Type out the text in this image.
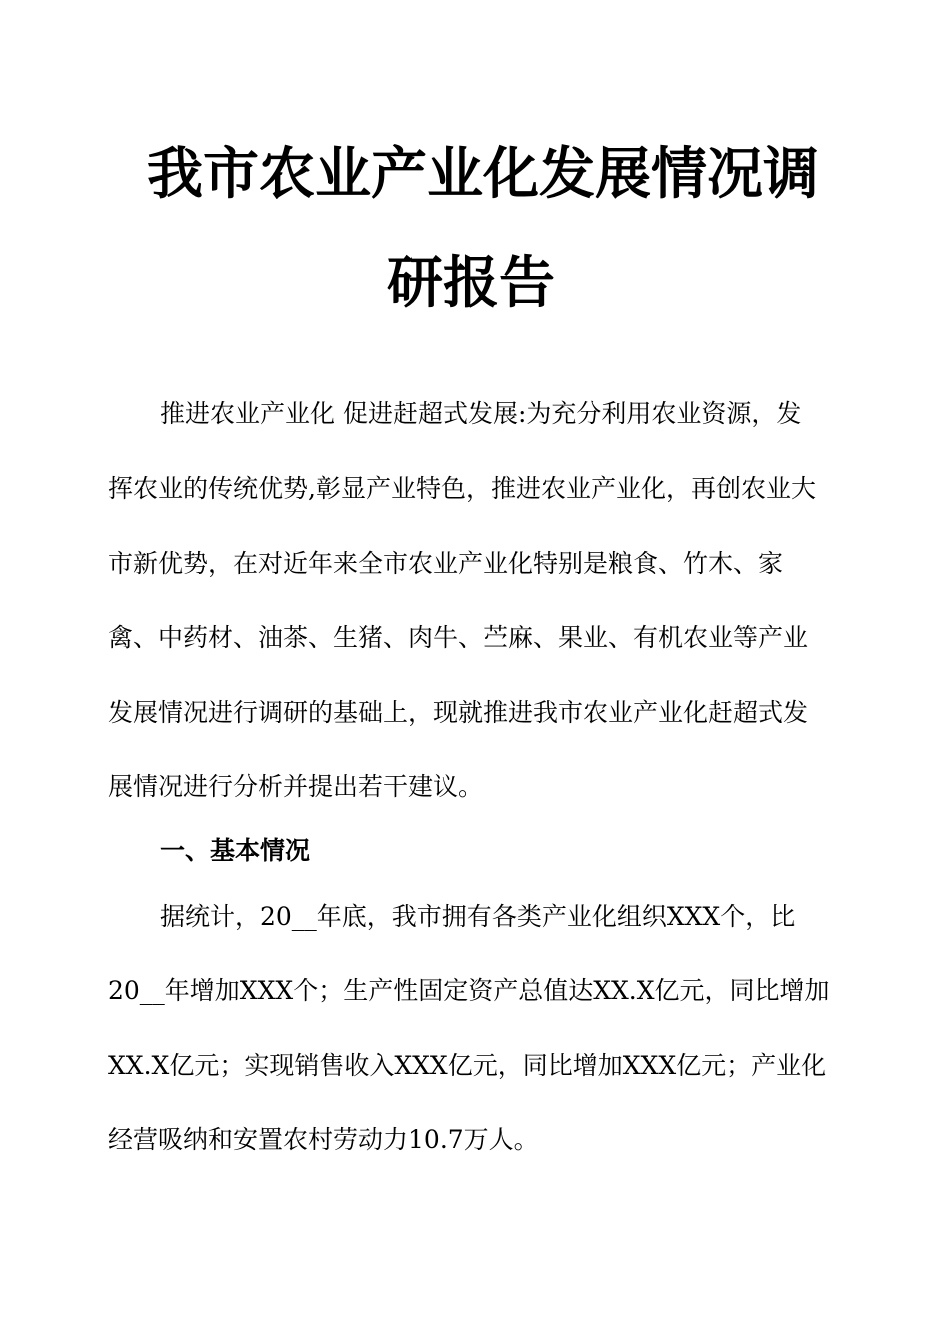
我市农业产业化发展情况调
研报告
推进农业产业化 促进赶超式发展:为充分利用农业资源，发
挥农业的传统优势,彰显产业特色，推进农业产业化，再创农业大
市新优势，在对近年来全市农业产业化特别是粮食、竹木、家
禽、中药材、油茶、生猪、肉牛、苎麻、果业、有机农业等产业
发展情况进行调研的基础上，现就推进我市农业产业化赶超式发
展情况进行分析并提出若干建议。
一、基本情况
据统计，20__年底，我市拥有各类产业化组织XXX个，比
20__年增加XXX个；生产性固定资产总值达XX.X亿元，同比增加
XX.X亿元；实现销售收入XXX亿元，同比增加XXX亿元；产业化
经营吸纳和安置农村劳动力10.7万人。
